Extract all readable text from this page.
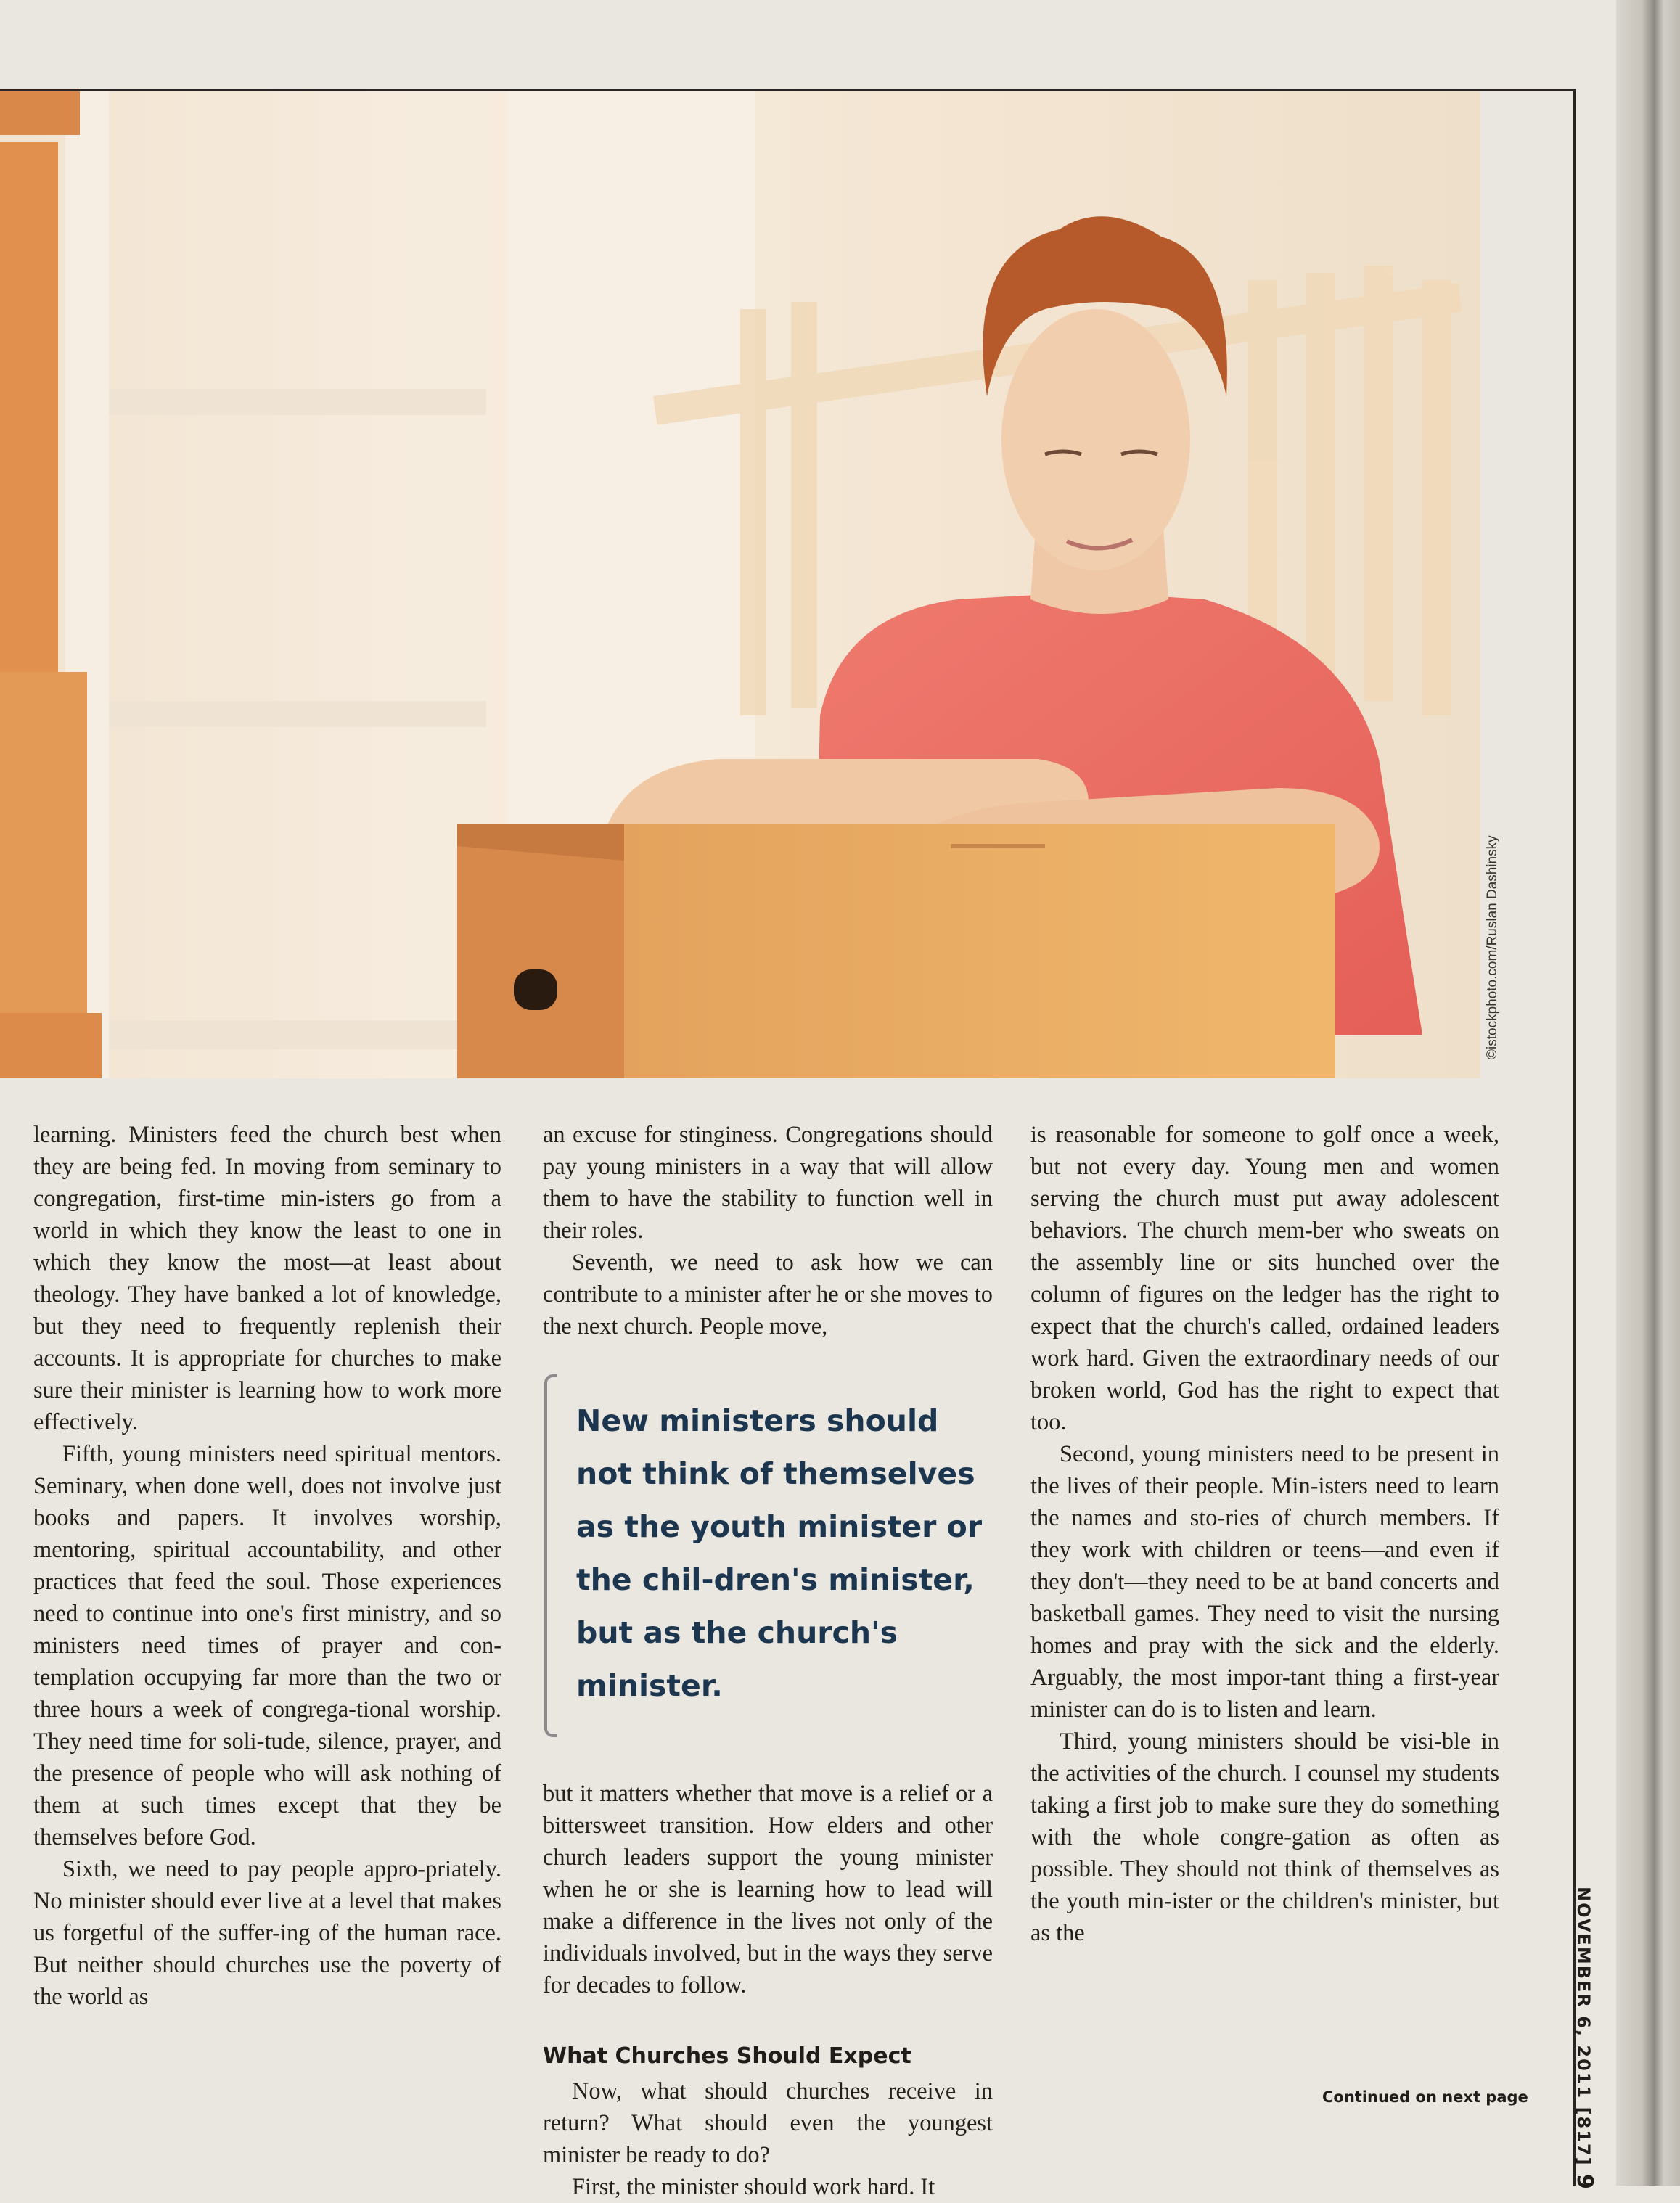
©istockphoto.com/Ruslan Dashinsky

learning. Ministers feed the church best when they are being fed. In moving from seminary to congregation, first-time min-isters go from a world in which they know the least to one in which they know the most—at least about theology. They have banked a lot of knowledge, but they need to frequently replenish their accounts. It is appropriate for churches to make sure their minister is learning how to work more effectively.

Fifth, young ministers need spiritual mentors. Seminary, when done well, does not involve just books and papers. It involves worship, mentoring, spiritual accountability, and other practices that feed the soul. Those experiences need to continue into one's first ministry, and so ministers need times of prayer and con-templation occupying far more than the two or three hours a week of congrega-tional worship. They need time for soli-tude, silence, prayer, and the presence of people who will ask nothing of them at such times except that they be themselves before God.

Sixth, we need to pay people appro-priately. No minister should ever live at a level that makes us forgetful of the suffer-ing of the human race. But neither should churches use the poverty of the world as

an excuse for stinginess. Congregations should pay young ministers in a way that will allow them to have the stability to function well in their roles.

Seventh, we need to ask how we can contribute to a minister after he or she moves to the next church. People move,

New ministers should not think of themselves as the youth minister or the chil-dren's minister, but as the church's minister.

but it matters whether that move is a relief or a bittersweet transition. How elders and other church leaders support the young minister when he or she is learning how to lead will make a difference in the lives not only of the individuals involved, but in the ways they serve for decades to follow.

What Churches Should Expect

Now, what should churches receive in return? What should even the youngest minister be ready to do?

First, the minister should work hard. It

is reasonable for someone to golf once a week, but not every day. Young men and women serving the church must put away adolescent behaviors. The church mem-ber who sweats on the assembly line or sits hunched over the column of figures on the ledger has the right to expect that the church's called, ordained leaders work hard. Given the extraordinary needs of our broken world, God has the right to expect that too.

Second, young ministers need to be present in the lives of their people. Min-isters need to learn the names and sto-ries of church members. If they work with children or teens—and even if they don't—they need to be at band concerts and basketball games. They need to visit the nursing homes and pray with the sick and the elderly. Arguably, the most impor-tant thing a first-year minister can do is to listen and learn.

Third, young ministers should be visi-ble in the activities of the church. I counsel my students taking a first job to make sure they do something with the whole congre-gation as often as possible. They should not think of themselves as the youth min-ister or the children's minister, but as the

Continued on next page	NOVEMBER 6, 2011 [817] 9
